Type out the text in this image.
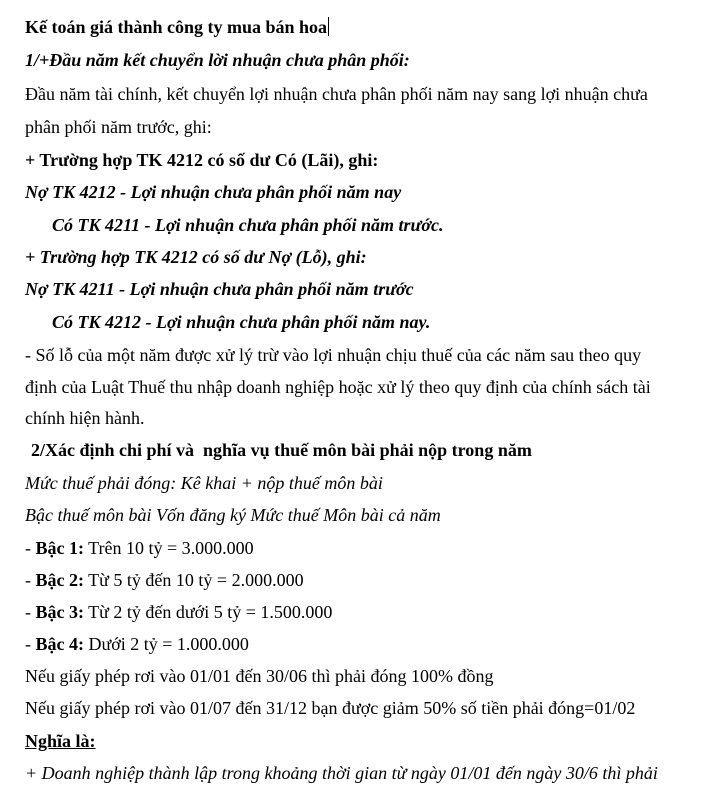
Kế toán giá thành công ty mua bán hoa
1/+Đầu năm kết chuyển lời nhuận chưa phân phối:
Đầu năm tài chính, kết chuyển lợi nhuận chưa phân phối năm nay sang lợi nhuận chưa
phân phối năm trước, ghi:
+ Trường hợp TK 4212 có số dư Có (Lãi), ghi:
Nợ TK 4212 - Lợi nhuận chưa phân phối năm nay
Có TK 4211 - Lợi nhuận chưa phân phối năm trước.
+ Trường hợp TK 4212 có số dư Nợ (Lỗ), ghi:
Nợ TK 4211 - Lợi nhuận chưa phân phối năm trước
Có TK 4212 - Lợi nhuận chưa phân phối năm nay.
- Số lỗ của một năm được xử lý trừ vào lợi nhuận chịu thuế của các năm sau theo quy
định của Luật Thuế thu nhập doanh nghiệp hoặc xử lý theo quy định của chính sách tài
chính hiện hành.
2/Xác định chi phí và  nghĩa vụ thuế môn bài phải nộp trong năm
Mức thuế phải đóng: Kê khai + nộp thuế môn bài
Bậc thuế môn bài Vốn đăng ký Mức thuế Môn bài cả năm
- Bậc 1: Trên 10 tỷ = 3.000.000
- Bậc 2: Từ 5 tỷ đến 10 tỷ = 2.000.000
- Bậc 3: Từ 2 tỷ đến dưới 5 tỷ = 1.500.000
- Bậc 4: Dưới 2 tỷ = 1.000.000
Nếu giấy phép rơi vào 01/01 đến 30/06 thì phải đóng 100% đồng
Nếu giấy phép rơi vào 01/07 đến 31/12 bạn được giảm 50% số tiền phải đóng=01/02
Nghĩa là:
+ Doanh nghiệp thành lập trong khoảng thời gian từ ngày 01/01 đến ngày 30/6 thì phải
